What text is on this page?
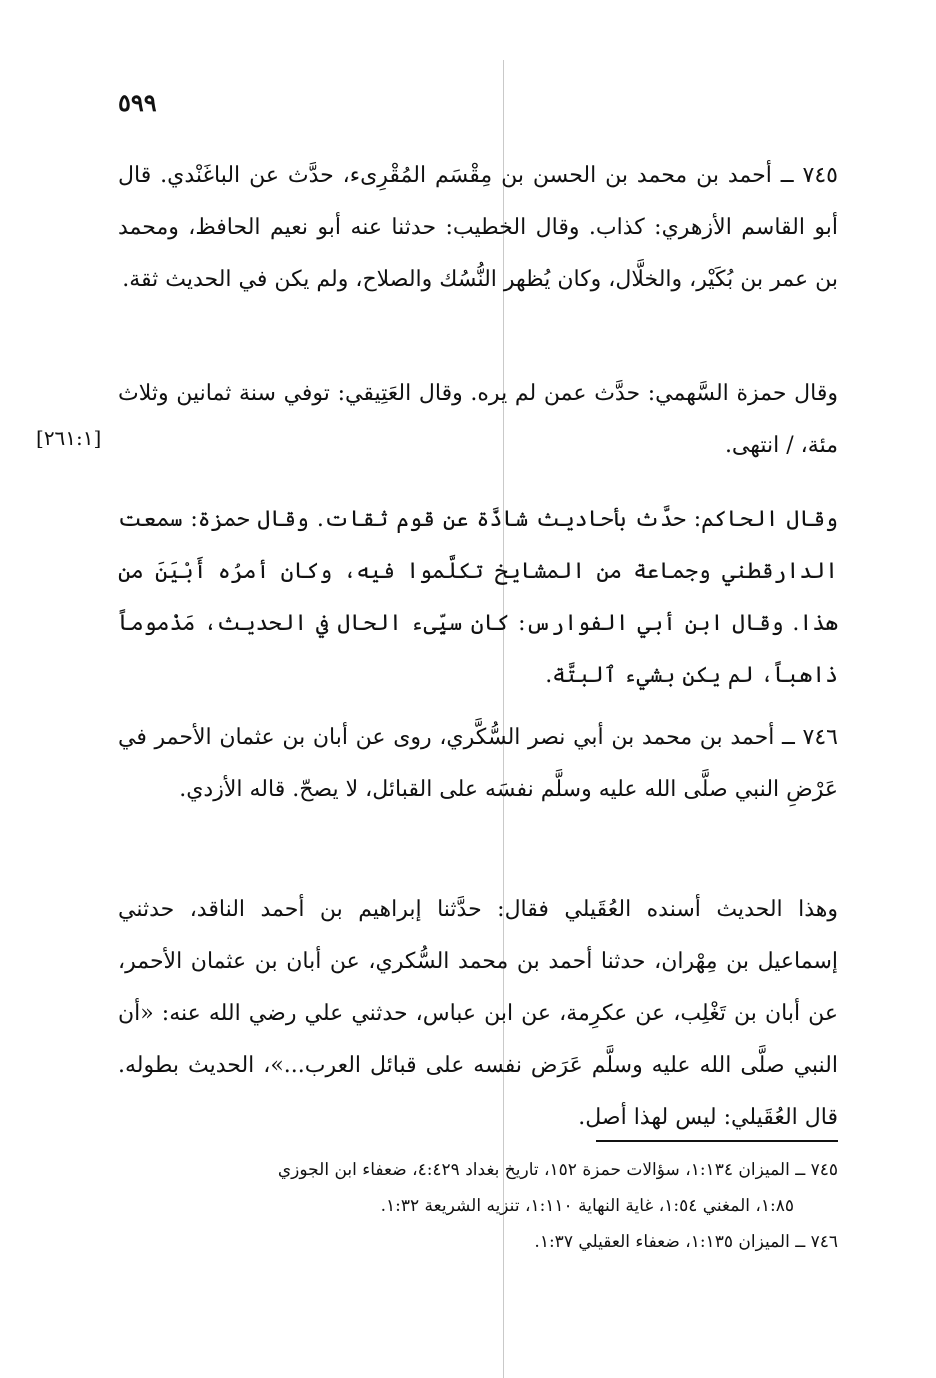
٥٩٩

٧٤٥ ــ أحمد بن محمد بن الحسن بن مِقْسَم المُقْرِىء، حدَّث عن الباغَنْدي. قال أبو القاسم الأزهري: كذاب. وقال الخطيب: حدثنا عنه أبو نعيم الحافظ، ومحمد بن عمر بن بُكَيْر، والخلَّال، وكان يُظهر النُّسُك والصلاح، ولم يكن في الحديث ثقة.

وقال حمزة السَّهمي: حدَّث عمن لم يره. وقال العَتِيقي: توفي سنة ثمانين وثلاث مئة، / انتهى.

[٢٦١:١]

وقال الحاكم: حدَّث بأحاديث شاذَّة عن قوم ثقات. وقال حمزة: سمعت الدارقطني وجماعة من المشايخ تكلَّموا فيه، وكان أمرُه أَبْيَنَ من هذا. وقال ابن أبي الفوارس: كان سيِّىء الحال في الحديث، مَذْموماً ذاهباً، لم يكن بشيء ٱلبتَّة.

٧٤٦ ــ أحمد بن محمد بن أبي نصر السُّكَّري، روى عن أبان بن عثمان الأحمر في عَرْضِ النبي صلَّى الله عليه وسلَّم نفسَه على القبائل، لا يصحّ. قاله الأزدي.

وهذا الحديث أسنده العُقَيلي فقال: حدَّثنا إبراهيم بن أحمد الناقد، حدثني إسماعيل بن مِهْران، حدثنا أحمد بن محمد السُّكري، عن أبان بن عثمان الأحمر، عن أبان بن تَغْلِب، عن عكرِمة، عن ابن عباس، حدثني علي رضي الله عنه: «أن النبي صلَّى الله عليه وسلَّم عَرَض نفسه على قبائل العرب...»، الحديث بطوله. قال العُقَيلي: ليس لهذا أصل.

٧٤٥ ــ الميزان ١:١٣٤، سؤالات حمزة ١٥٢، تاريخ بغداد ٤:٤٢٩، ضعفاء ابن الجوزي
١:٨٥، المغني ١:٥٤، غاية النهاية ١:١١٠، تنزيه الشريعة ١:٣٢.
٧٤٦ ــ الميزان ١:١٣٥، ضعفاء العقيلي ١:٣٧.
